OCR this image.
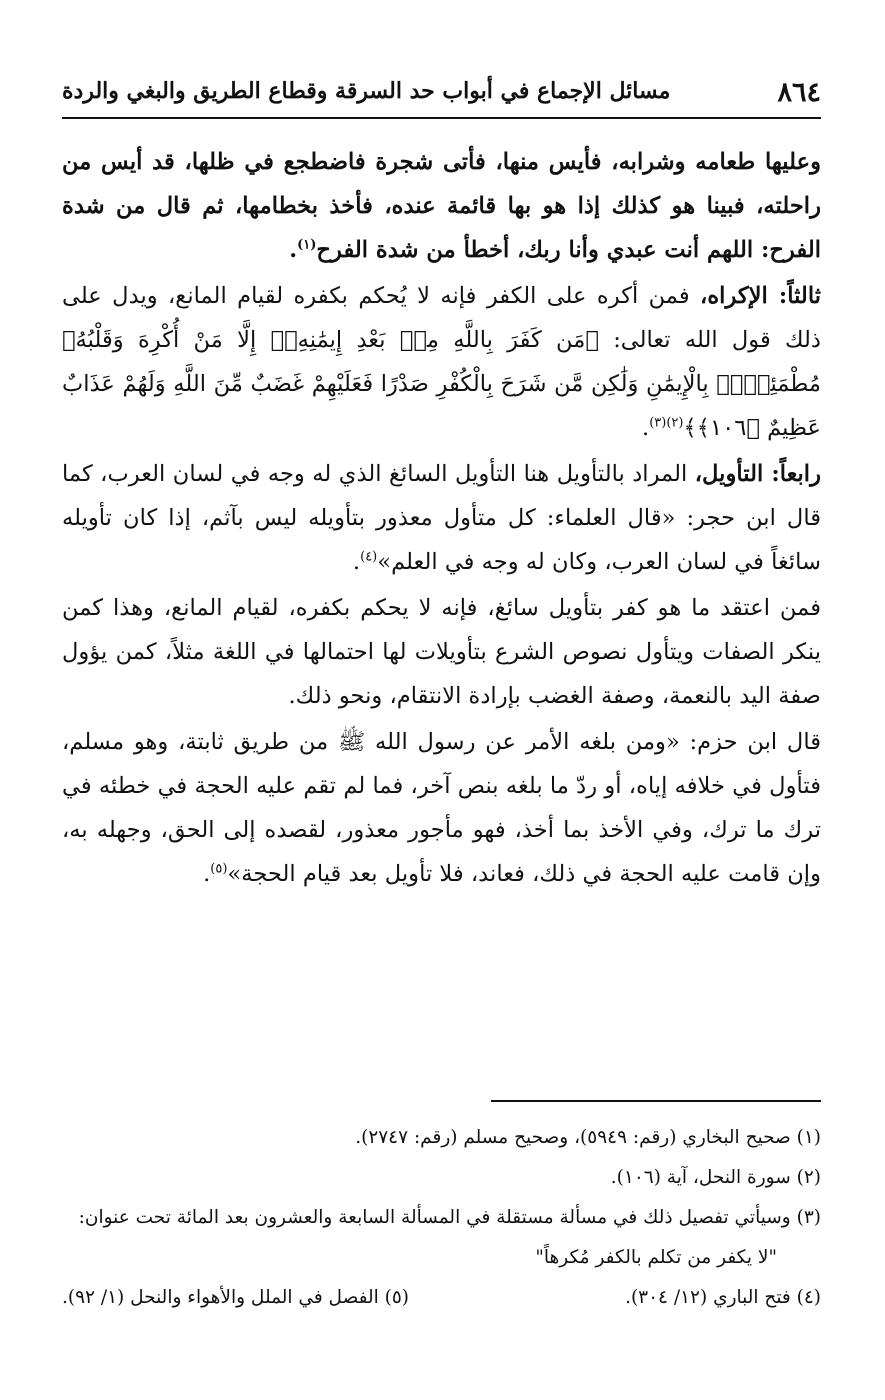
٨٦٤
مسائل الإجماع في أبواب حد السرقة وقطاع الطريق والبغي والردة

وعليها طعامه وشرابه، فأيس منها، فأتى شجرة فاضطجع في ظلها، قد أيس من راحلته، فبينا هو كذلك إذا هو بها قائمة عنده، فأخذ بخطامها، ثم قال من شدة الفرح: اللهم أنت عبدي وأنا ربك، أخطأ من شدة الفرح$^{(١)}$.

ثالثاً: الإكراه، فمن أكره على الكفر فإنه لا يُحكم بكفره لقيام المانع، ويدل على ذلك قول الله تعالى: ﴿مَن كَفَرَ بِاللَّهِ مِنۢ بَعْدِ إِيمَٰنِهِۦٓ إِلَّا مَنْ أُكْرِهَ وَقَلْبُهُۥ مُطْمَئِنٌّۢ بِالْإِيمَٰنِ وَلَٰكِن مَّن شَرَحَ بِالْكُفْرِ صَدْرًا فَعَلَيْهِمْ غَضَبٌ مِّنَ اللَّهِ وَلَهُمْ عَذَابٌ عَظِيمٌ ﴿١٠٦﴾﴾$^{(٢)(٣)}$.

رابعاً: التأويل، المراد بالتأويل هنا التأويل السائغ الذي له وجه في لسان العرب، كما قال ابن حجر: «قال العلماء: كل متأول معذور بتأويله ليس بآثم، إذا كان تأويله سائغاً في لسان العرب، وكان له وجه في العلم»$^{(٤)}$.

فمن اعتقد ما هو كفر بتأويل سائغ، فإنه لا يحكم بكفره، لقيام المانع، وهذا كمن ينكر الصفات ويتأول نصوص الشرع بتأويلات لها احتمالها في اللغة مثلاً، كمن يؤول صفة اليد بالنعمة، وصفة الغضب بإرادة الانتقام، ونحو ذلك.

قال ابن حزم: «ومن بلغه الأمر عن رسول الله ﷺ من طريق ثابتة، وهو مسلم، فتأول في خلافه إياه، أو ردّ ما بلغه بنص آخر، فما لم تقم عليه الحجة في خطئه في ترك ما ترك، وفي الأخذ بما أخذ، فهو مأجور معذور، لقصده إلى الحق، وجهله به، وإن قامت عليه الحجة في ذلك، فعاند، فلا تأويل بعد قيام الحجة»$^{(٥)}$.

(١) صحيح البخاري (رقم: ٥٩٤٩)، وصحيح مسلم (رقم: ٢٧٤٧).

(٢) سورة النحل، آية (١٠٦).

(٣) وسيأتي تفصيل ذلك في مسألة مستقلة في المسألة السابعة والعشرون بعد المائة تحت عنوان:

"لا يكفر من تكلم بالكفر مُكرهاً"

(٤) فتح الباري (١٢/ ٣٠٤).
(٥) الفصل في الملل والأهواء والنحل (١/ ٩٢).
